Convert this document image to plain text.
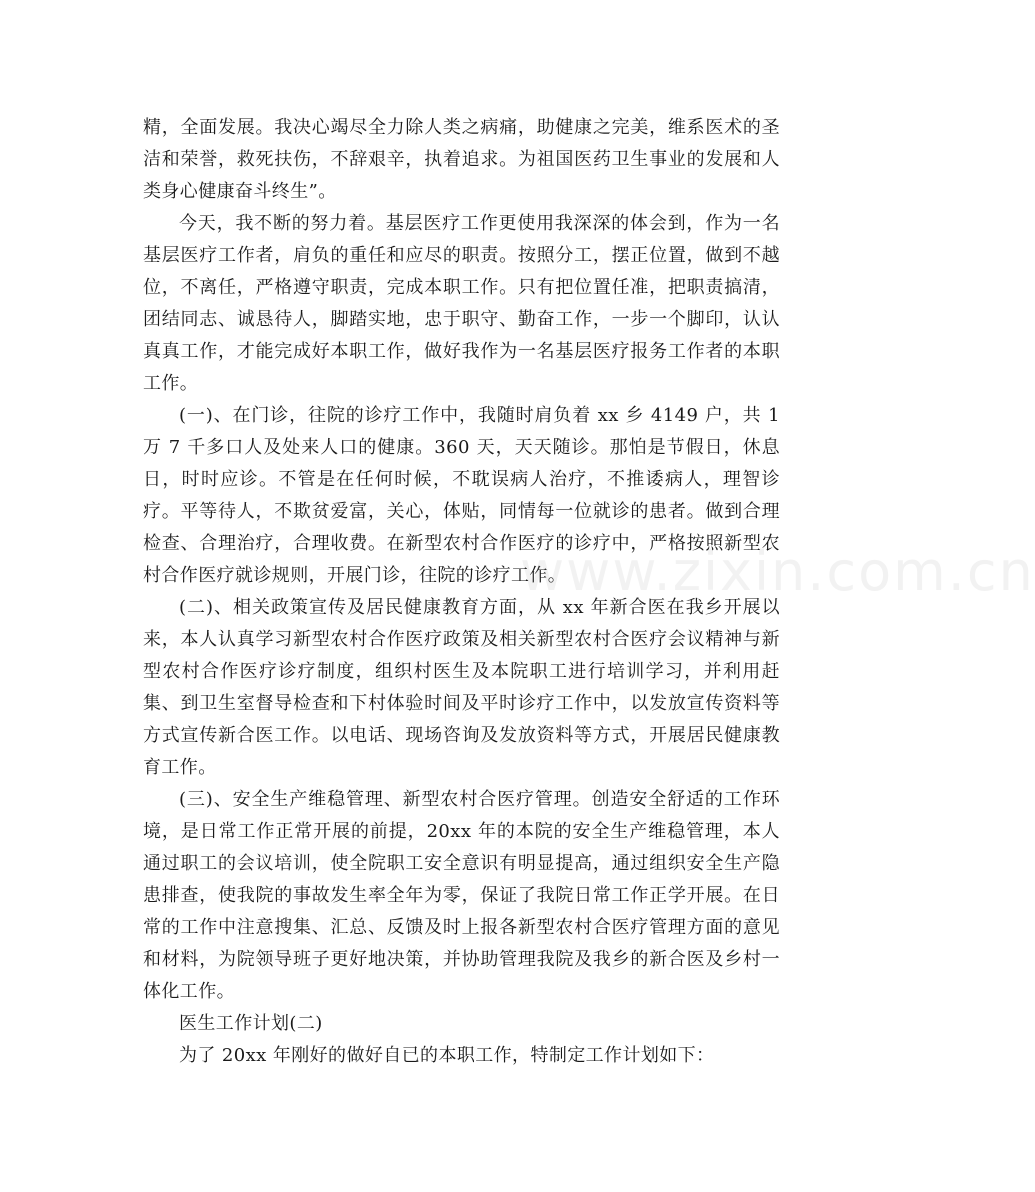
精，全面发展。我决心竭尽全力除人类之病痛，助健康之完美，维系医术的圣洁和荣誉，救死扶伤，不辞艰辛，执着追求。为祖国医药卫生事业的发展和人类身心健康奋斗终生”。

今天，我不断的努力着。基层医疗工作更使用我深深的体会到，作为一名基层医疗工作者，肩负的重任和应尽的职责。按照分工，摆正位置，做到不越位，不离任，严格遵守职责，完成本职工作。只有把位置任准，把职责搞清，团结同志、诚恳待人，脚踏实地，忠于职守、勤奋工作，一步一个脚印，认认真真工作，才能完成好本职工作，做好我作为一名基层医疗报务工作者的本职工作。

(一)、在门诊，往院的诊疗工作中，我随时肩负着 xx 乡 4149 户，共 1 万 7 千多口人及处来人口的健康。360 天，天天随诊。那怕是节假日，休息日，时时应诊。不管是在任何时候，不耽误病人治疗，不推诿病人，理智诊疗。平等待人，不欺贫爱富，关心，体贴，同情每一位就诊的患者。做到合理检查、合理治疗，合理收费。在新型农村合作医疗的诊疗中，严格按照新型农村合作医疗就诊规则，开展门诊，往院的诊疗工作。

(二)、相关政策宣传及居民健康教育方面，从 xx 年新合医在我乡开展以来，本人认真学习新型农村合作医疗政策及相关新型农村合医疗会议精神与新型农村合作医疗诊疗制度，组织村医生及本院职工进行培训学习，并利用赶集、到卫生室督导检查和下村体验时间及平时诊疗工作中，以发放宣传资料等方式宣传新合医工作。以电话、现场咨询及发放资料等方式，开展居民健康教育工作。

(三)、安全生产维稳管理、新型农村合医疗管理。创造安全舒适的工作环境，是日常工作正常开展的前提，20xx 年的本院的安全生产维稳管理，本人通过职工的会议培训，使全院职工安全意识有明显提高，通过组织安全生产隐患排查，使我院的事故发生率全年为零，保证了我院日常工作正学开展。在日常的工作中注意搜集、汇总、反馈及时上报各新型农村合医疗管理方面的意见和材料，为院领导班子更好地决策，并协助管理我院及我乡的新合医及乡村一体化工作。

医生工作计划(二)

为了 20xx 年刚好的做好自已的本职工作，特制定工作计划如下：

www.zixin.com.cn
